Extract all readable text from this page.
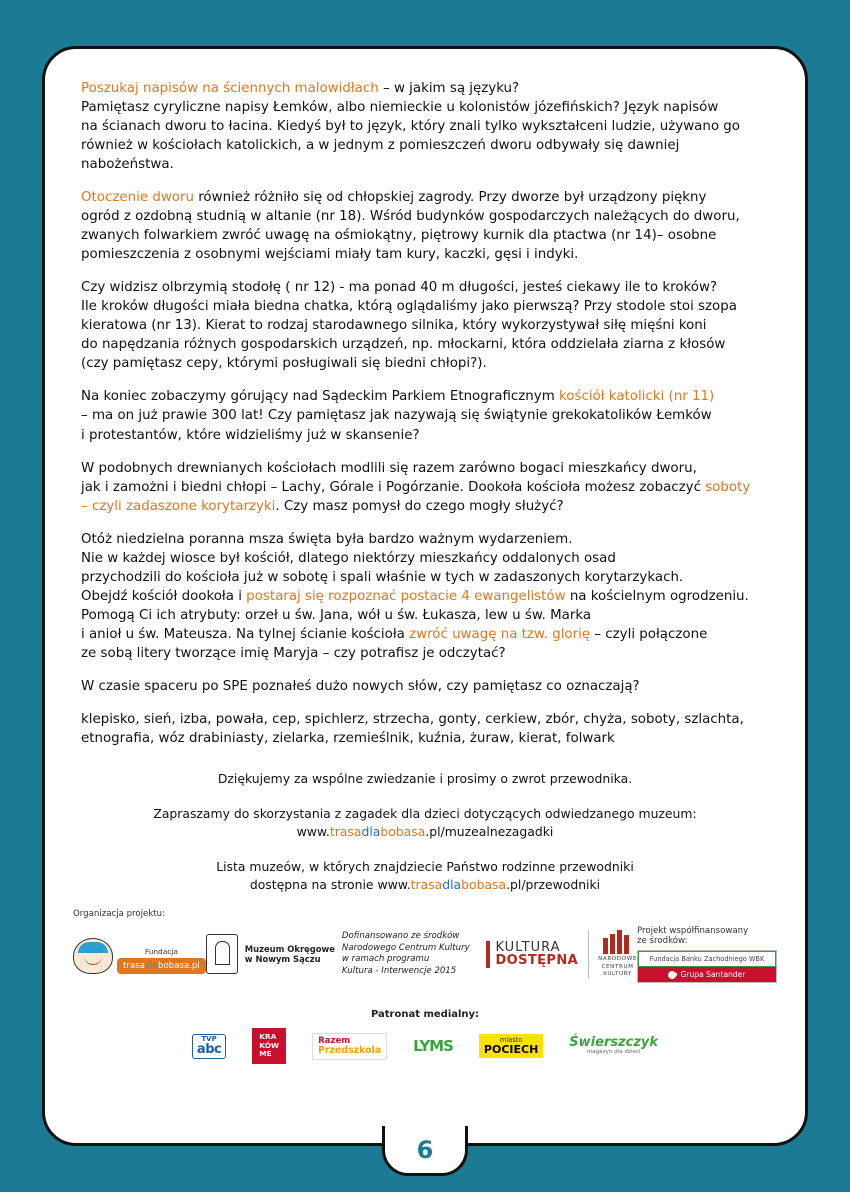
Poszukaj napisów na ściennych malowidłach – w jakim są języku?
Pamiętasz cyryliczne napisy Łemków, albo niemieckie u kolonistów józefińskich? Język napisów
na ścianach dworu to łacina. Kiedyś był to język, który znali tylko wykształceni ludzie, używano go
również w kościołach katolickich, a w jednym z pomieszczeń dworu odbywały się dawniej
nabożeństwa.

Otoczenie dworu również różniło się od chłopskiej zagrody. Przy dworze był urządzony piękny
ogród z ozdobną studnią w altanie (nr 18). Wśród budynków gospodarczych należących do dworu,
zwanych folwarkiem zwróć uwagę na ośmiokątny, piętrowy kurnik dla ptactwa (nr 14)– osobne
pomieszczenia z osobnymi wejściami miały tam kury, kaczki, gęsi i indyki.

Czy widzisz olbrzymią stodołę ( nr 12) - ma ponad 40 m długości, jesteś ciekawy ile to kroków?
Ile kroków długości miała biedna chatka, którą oglądaliśmy jako pierwszą? Przy stodole stoi szopa
kieratowa (nr 13). Kierat to rodzaj starodawnego silnika, który wykorzystywał siłę mięśni koni
do napędzania różnych gospodarskich urządzeń, np. młockarni, która oddzielała ziarna z kłosów
(czy pamiętasz cepy, którymi posługiwali się biedni chłopi?).

Na koniec zobaczymy górujący nad Sądeckim Parkiem Etnograficznym kościół katolicki (nr 11)
– ma on już prawie 300 lat! Czy pamiętasz jak nazywają się świątynie grekokatolików Łemków
i protestantów, które widzieliśmy już w skansenie?

W podobnych drewnianych kościołach modlili się razem zarówno bogaci mieszkańcy dworu,
jak i zamożni i biedni chłopi – Lachy, Górale i Pogórzanie. Dookoła kościoła możesz zobaczyć soboty
– czyli zadaszone korytarzyki. Czy masz pomysł do czego mogły służyć?

Otóż niedzielna poranna msza święta była bardzo ważnym wydarzeniem.
Nie w każdej wiosce był kościół, dlatego niektórzy mieszkańcy oddalonych osad
przychodzili do kościoła już w sobotę i spali właśnie w tych w zadaszonych korytarzykach.
Obejdź kościół dookoła i postaraj się rozpoznać postacie 4 ewangelistów na kościelnym ogrodzeniu.
Pomogą Ci ich atrybuty: orzeł u św. Jana, wół u św. Łukasza, lew u św. Marka
i anioł u św. Mateusza. Na tylnej ścianie kościoła zwróć uwagę na tzw. glorię – czyli połączone
ze sobą litery tworzące imię Maryja – czy potrafisz je odczytać?

W czasie spaceru po SPE poznałeś dużo nowych słów, czy pamiętasz co oznaczają?

klepisko, sień, izba, powała, cep, spichlerz, strzecha, gonty, cerkiew, zbór, chyża, soboty, szlachta,
etnografia, wóz drabiniasty, zielarka, rzemieślnik, kuźnia, żuraw, kierat, folwark

Dziękujemy za wspólne zwiedzanie i prosimy o zwrot przewodnika.
Zapraszamy do skorzystania z zagadek dla dzieci dotyczących odwiedzanego muzeum:
www.trasadlabobasa.pl/muzealnezagadki
Lista muzeów, w których znajdziecie Państwo rodzinne przewodniki
dostępna na stronie www.trasadlabobasa.pl/przewodniki
Organizacja projektu:
Fundacja
trasadlabobasa.pl
Muzeum Okręgowe
w Nowym Sączu
Dofinansowano ze środków
Narodowego Centrum Kultury
w ramach programu
Kultura - Interwencje 2015
KULTURA
DOSTĘPNA	NARODOWE
CENTRUM
KULTURY
Projekt współfinansowany
ze środków:
Fundacja Banku Zachodniego WBK
Grupa Santander
Patronat medialny:
TVP
abc
KRA
KÓW
ME
Razem
Przedszkola LYMS	miasto
POCIECH Świerszczyk
magazyn dla dzieci
6
